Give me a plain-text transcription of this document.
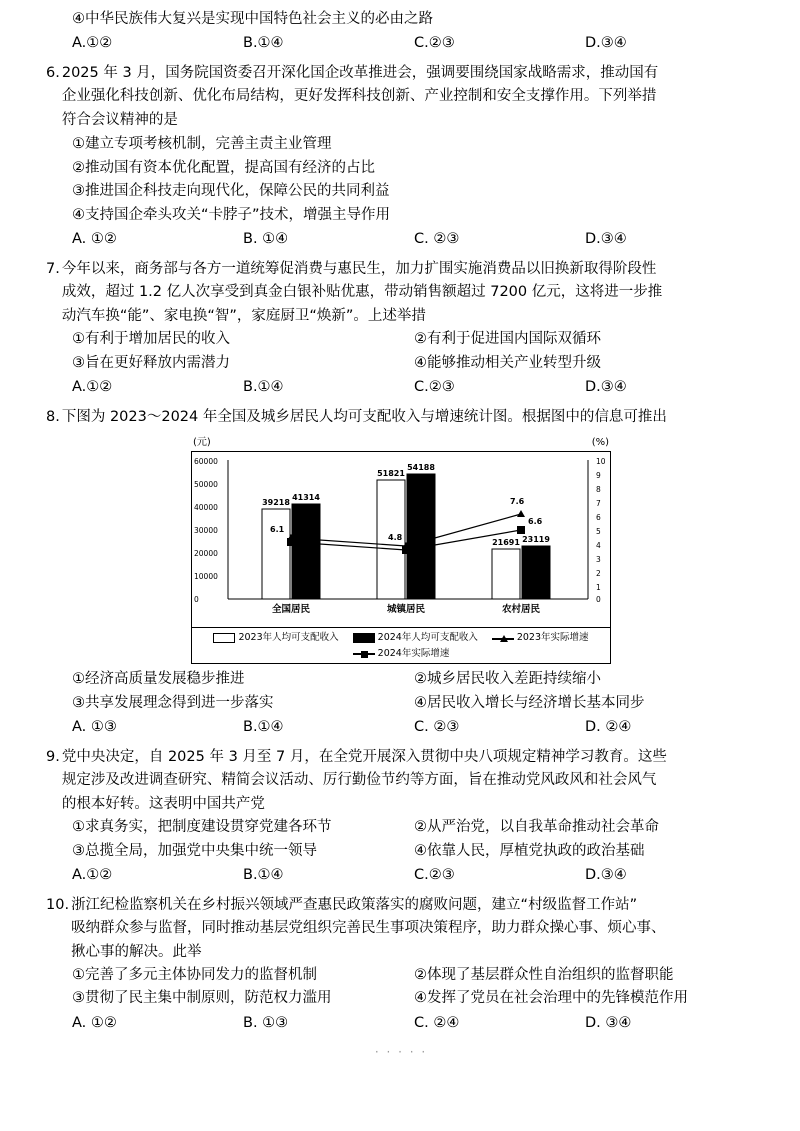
④中华民族伟大复兴是实现中国特色社会主义的必由之路
A.①②	B.①④	C.②③	D.③④
6. 2025 年 3 月，国务院国资委召开深化国企改革推进会，强调要围绕国家战略需求，推动国有
企业强化科技创新、优化布局结构，更好发挥科技创新、产业控制和安全支撑作用。下列举措
符合会议精神的是
①建立专项考核机制，完善主责主业管理
②推动国有资本优化配置，提高国有经济的占比
③推进国企科技走向现代化，保障公民的共同利益
④支持国企牵头攻关“卡脖子”技术，增强主导作用
A. ①②	B. ①④	C. ②③	D.③④
7. 今年以来，商务部与各方一道统筹促消费与惠民生，加力扩围实施消费品以旧换新取得阶段性
成效，超过 1.2 亿人次享受到真金白银补贴优惠，带动销售额超过 7200 亿元，这将进一步推
动汽车换“能”、家电换“智”，家庭厨卫“焕新”。上述举措
①有利于增加居民的收入	②有利于促进国内国际双循环
③旨在更好释放内需潜力	④能够推动相关产业转型升级
A.①②	B.①④	C.②③	D.③④
8. 下图为 2023～2024 年全国及城乡居民人均可支配收入与增速统计图。根据图中的信息可推出
(元)	(%)
60000
50000
40000
30000
20000
10000
0
10
9
8
7
6
5
4
3
2
1
0
39218
41314
51821
54188
21691 23119
6.1
4.8
7.6
6.6
全国居民	城镇居民	农村居民
2023年人均可支配收入	2024年人均可支配收入	2023年实际增速
2024年实际增速
①经济高质量发展稳步推进	②城乡居民收入差距持续缩小
③共享发展理念得到进一步落实	④居民收入增长与经济增长基本同步
A. ①③	B.①④	C. ②③	D. ②④
9. 党中央决定，自 2025 年 3 月至 7 月，在全党开展深入贯彻中央八项规定精神学习教育。这些
规定涉及改进调查研究、精简会议活动、厉行勤俭节约等方面，旨在推动党风政风和社会风气
的根本好转。这表明中国共产党
①求真务实，把制度建设贯穿党建各环节	②从严治党，以自我革命推动社会革命
③总揽全局，加强党中央集中统一领导	④依靠人民，厚植党执政的政治基础
A.①②	B.①④	C.②③	D.③④
10. 浙江纪检监察机关在乡村振兴领域严查惠民政策落实的腐败问题，建立“村级监督工作站”
吸纳群众参与监督，同时推动基层党组织完善民生事项决策程序，助力群众操心事、烦心事、
揪心事的解决。此举
①完善了多元主体协同发力的监督机制	②体现了基层群众性自治组织的监督职能
③贯彻了民主集中制原则，防范权力滥用	④发挥了党员在社会治理中的先锋模范作用
A. ①②	B. ①③	C. ②④	D. ③④
· · · · ·
